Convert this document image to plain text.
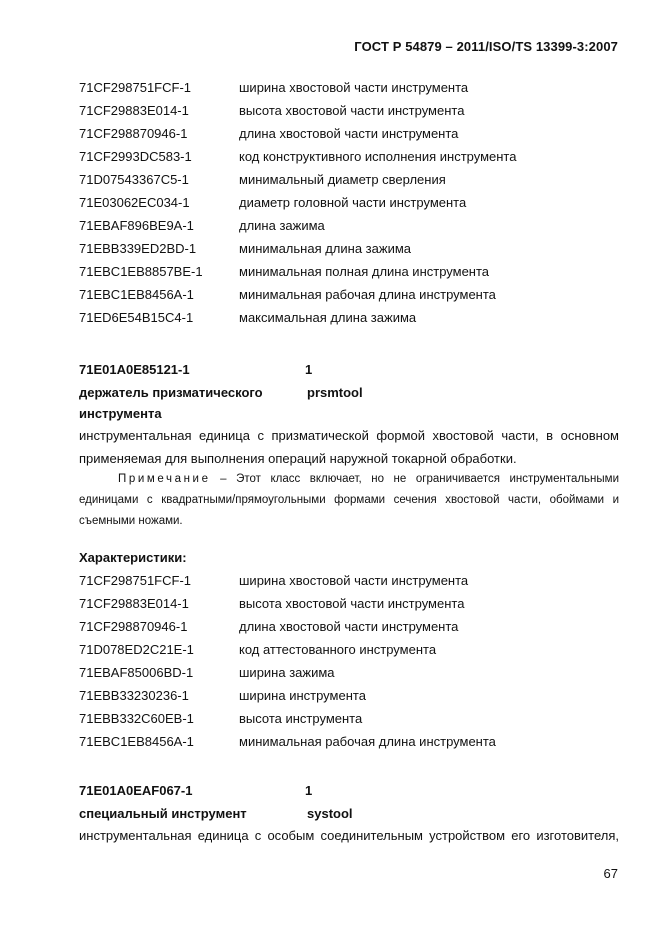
ГОСТ Р 54879 – 2011/ISO/TS 13399-3:2007
71CF298751FCF-1	ширина хвостовой части инструмента
71CF29883E014-1	высота хвостовой части инструмента
71CF298870946-1	длина хвостовой части инструмента
71CF2993DC583-1	код конструктивного исполнения инструмента
71D07543367C5-1	минимальный диаметр сверления
71E03062EC034-1	диаметр головной части инструмента
71EBAF896BE9A-1	длина зажима
71EBB339ED2BD-1	минимальная длина зажима
71EBC1EB8857BE-1	минимальная полная длина инструмента
71EBC1EB8456A-1	минимальная рабочая длина инструмента
71ED6E54B15C4-1	максимальная длина зажима
71E01A0E85121-1	1
держатель призматического	prsmtool
инструмента
инструментальная единица с призматической формой хвостовой части, в основном
применяемая для выполнения операций наружной токарной обработки.
Примечание – Этот класс включает, но не ограничивается инструментальными
единицами с квадратными/прямоугольными формами сечения хвостовой части, обоймами и
съемными ножами.
Характеристики:
71CF298751FCF-1	ширина хвостовой части инструмента
71CF29883E014-1	высота хвостовой части инструмента
71CF298870946-1	длина хвостовой части инструмента
71D078ED2C21E-1	код аттестованного инструмента
71EBAF85006BD-1	ширина зажима
71EBB33230236-1	ширина инструмента
71EBB332C60EB-1	высота инструмента
71EBC1EB8456A-1	минимальная рабочая длина инструмента
71E01A0EAF067-1	1
специальный инструмент	systool
инструментальная единица с особым соединительным устройством его изготовителя,
67
